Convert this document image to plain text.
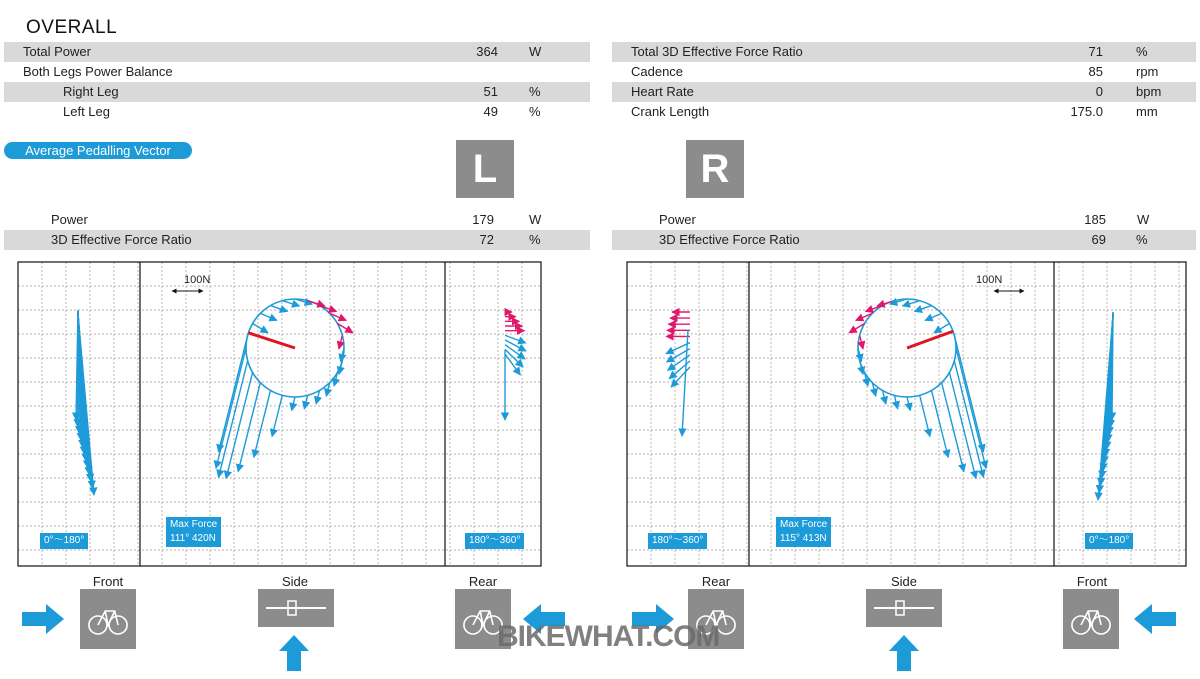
OVERALL
Total Power	364 W
Both Legs Power Balance
Right Leg	51 %
Left Leg	49 %
Total 3D Effective Force Ratio	71	%
Cadence	85	rpm
Heart Rate	0	bpm
Crank Length	175.0	mm
Average Pedalling Vector	L	R
Power	179	W
3D Effective Force Ratio	72	%
Power	185 W
3D Effective Force Ratio	69 %
0°～180°
Max Force
111° 420N	180°～360°
100N
180°～360°
Max Force
115° 413N	0°～180°
100N
Front	Side	Rear	Rear	Side	Front
BIKEWHAT.COM
